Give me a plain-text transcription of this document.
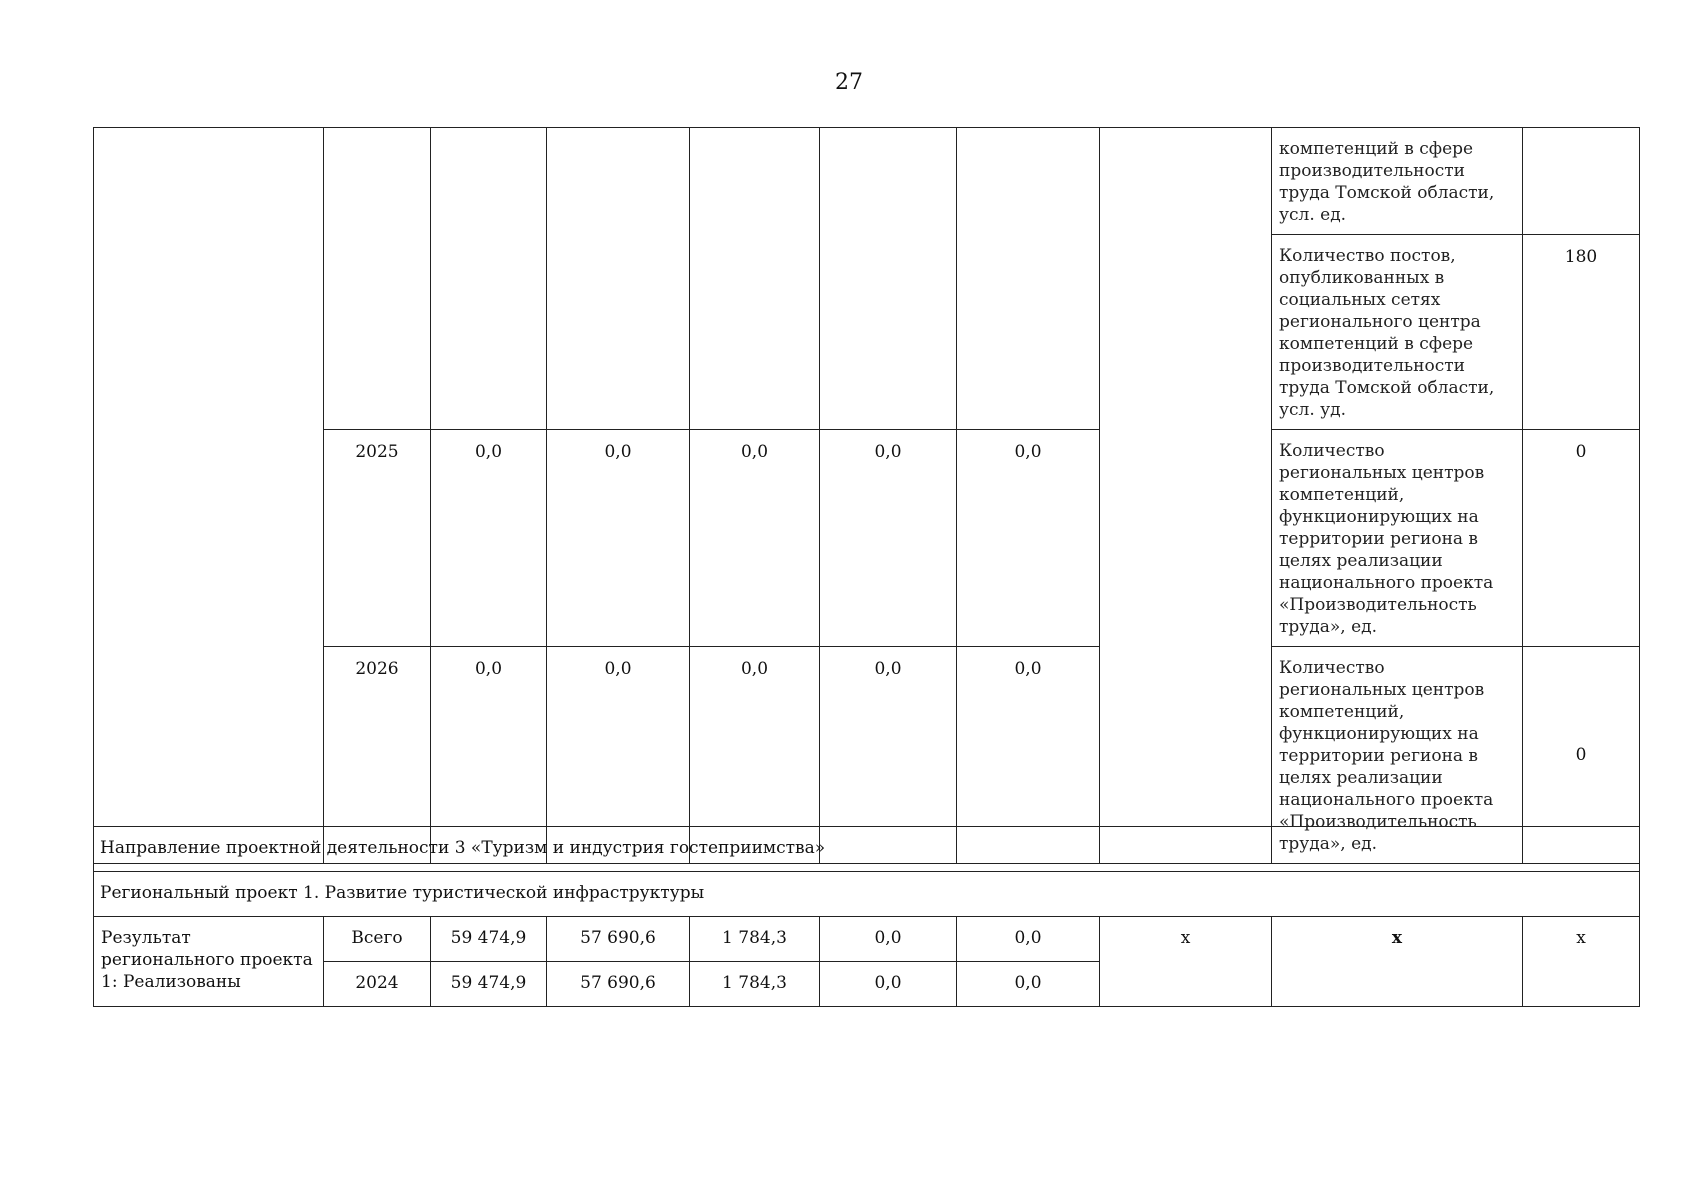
27
								компетенций в сфере производительности труда Томской области, усл. ед.	
								Количество постов, опубликованных в социальных сетях регионального центра компетенций в сфере производительности труда Томской области, усл. уд.	180
	2025	0,0	0,0	0,0	0,0	0,0		Количество региональных центров компетенций, функционирующих на территории региона в целях реализации национального проекта «Производительность труда», ед.	0
	2026	0,0	0,0	0,0	0,0	0,0		Количество региональных центров компетенций, функционирующих на территории региона в целях реализации национального проекта «Производительность труда», ед.	0
Направление проектной деятельности 3 «Туризм и индустрия гостеприимства»									
Региональный проект 1. Развитие туристической инфраструктуры									
Результат регионального проекта 1: Реализованы	Всего	59 474,9	57 690,6	1 784,3	0,0	0,0	х	х	х
	2024	59 474,9	57 690,6	1 784,3	0,0	0,0			
